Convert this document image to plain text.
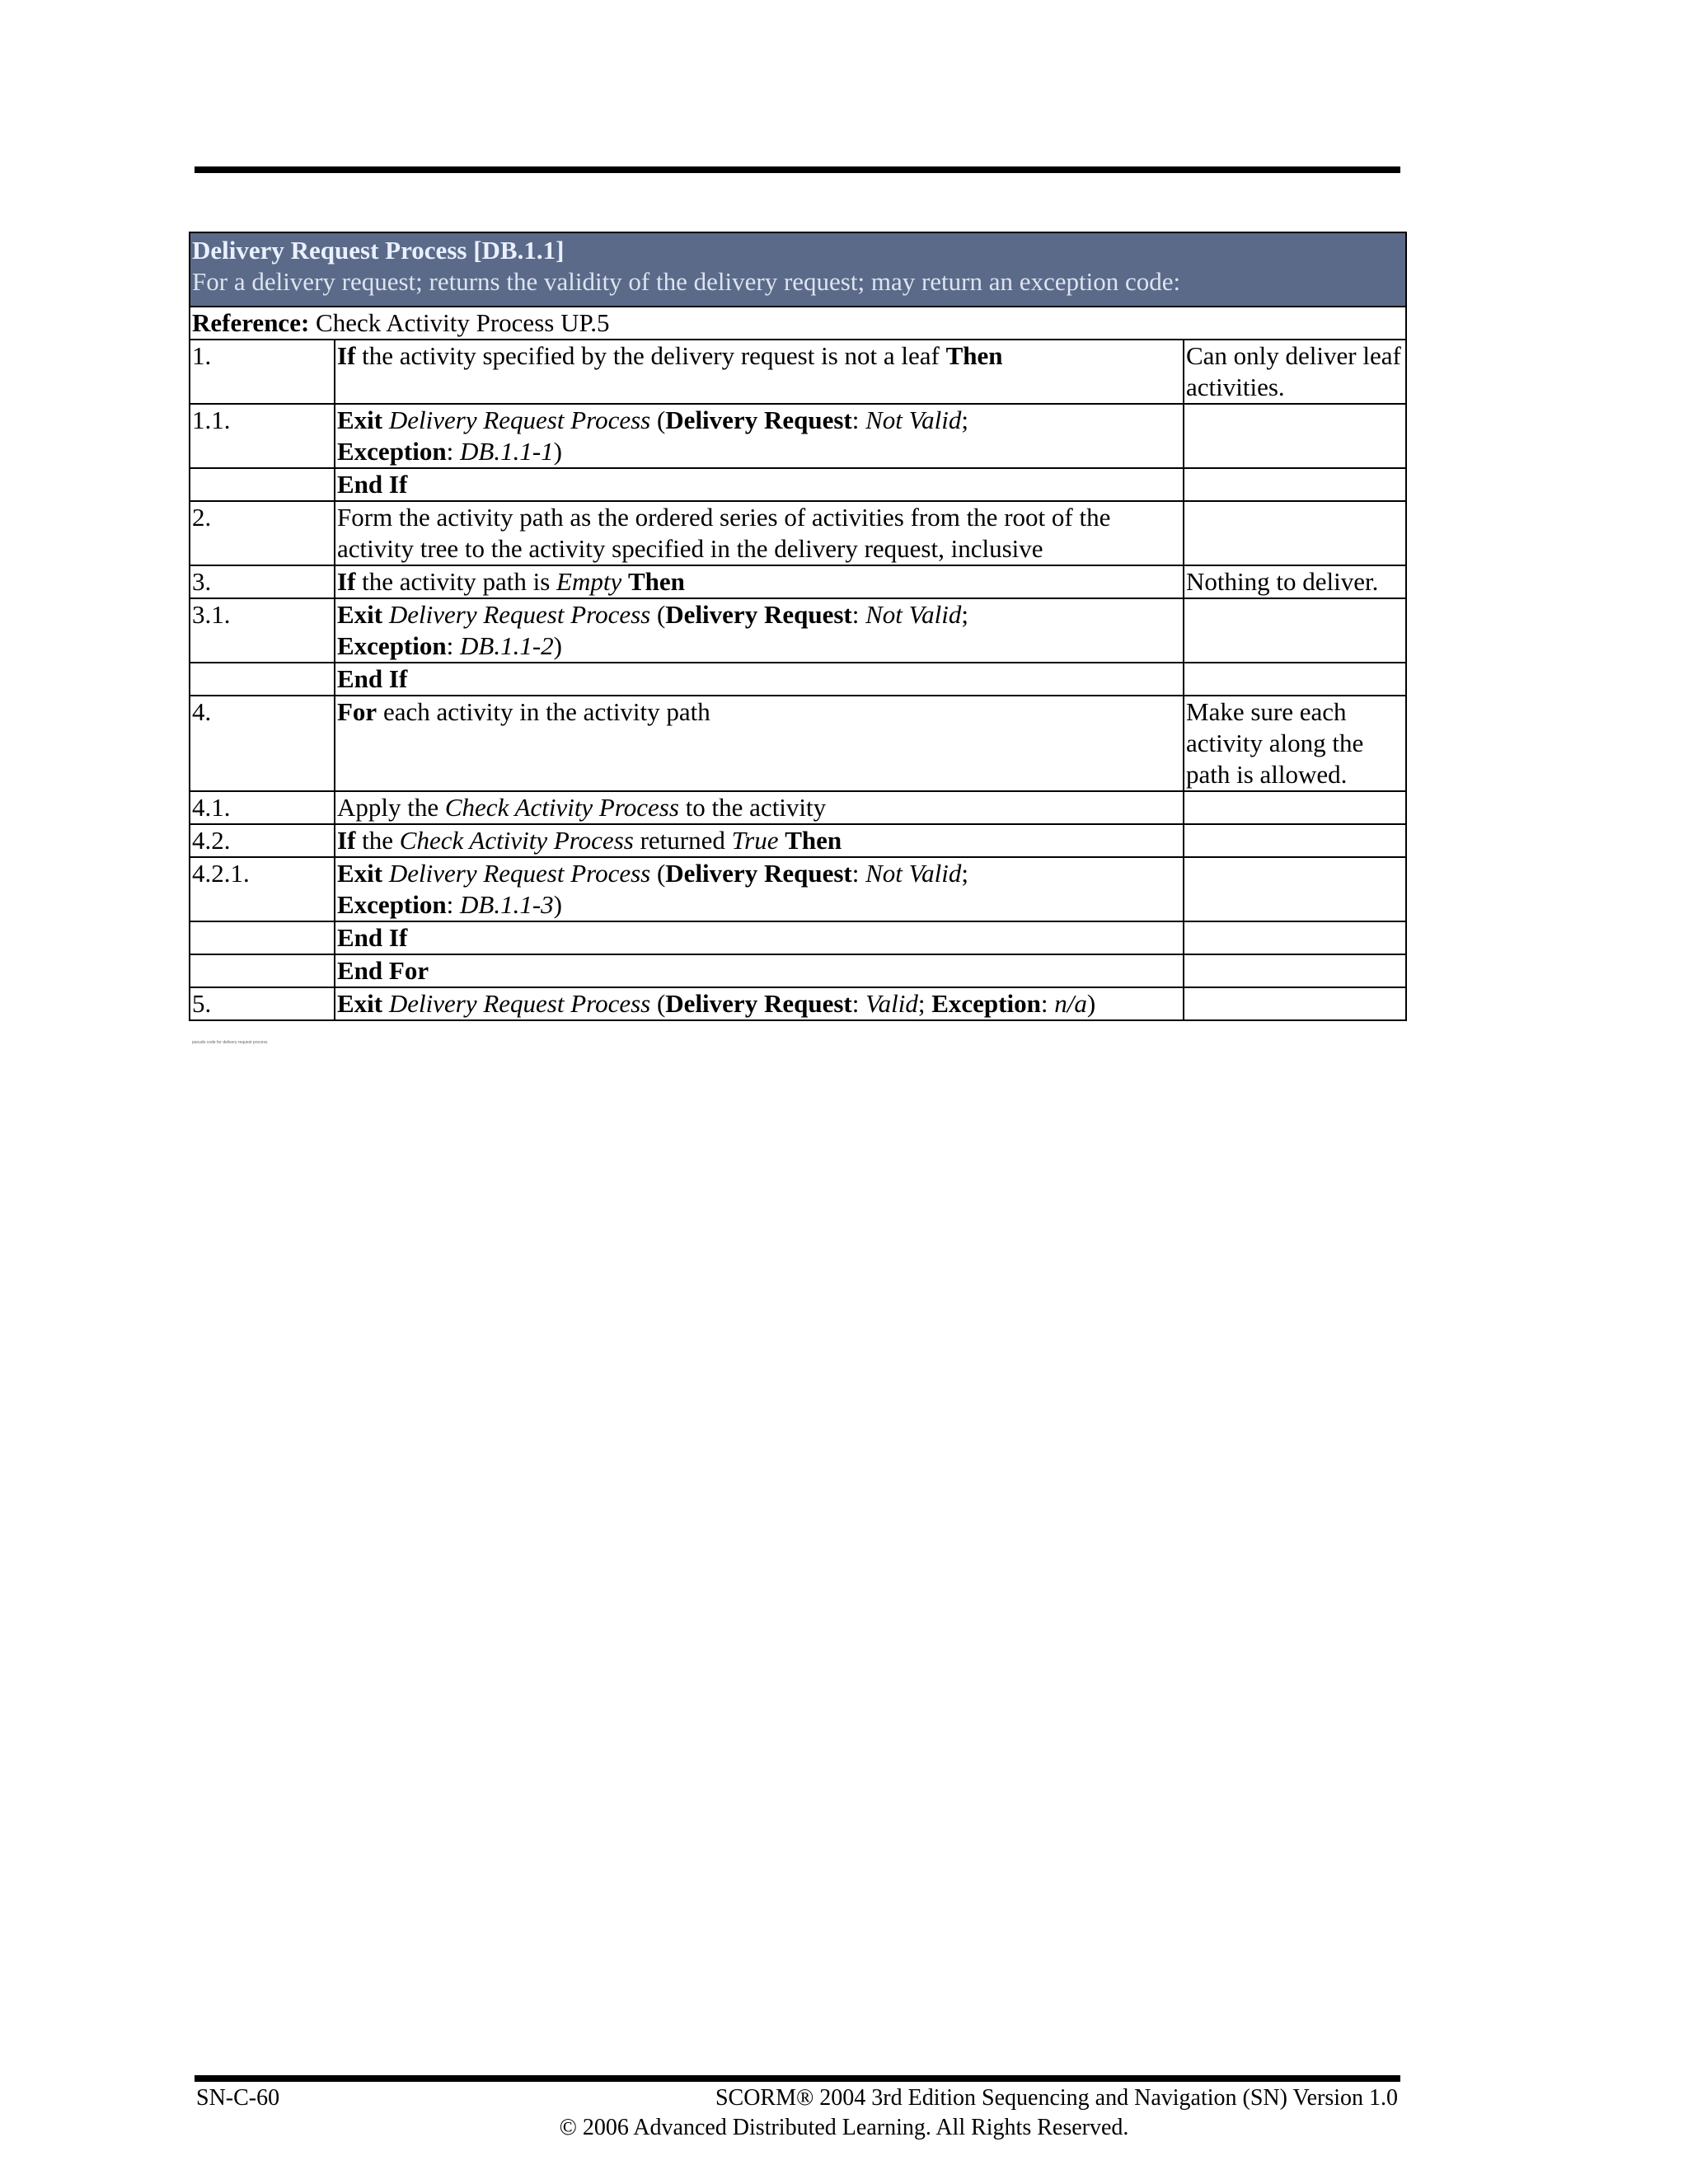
Delivery Request Process [DB.1.1]
For a delivery request; returns the validity of the delivery request; may return an exception code:		

Reference: Check Activity Process UP.5		
1.	If the activity specified by the delivery request is not a leaf Then	Can only deliver leaf activities.
1.1.	Exit Delivery Request Process (Delivery Request: Not Valid;
Exception: DB.1.1-1)	
	End If	
2.	Form the activity path as the ordered series of activities from the root of the activity tree to the activity specified in the delivery request, inclusive	
3.	If the activity path is Empty Then	Nothing to deliver.
3.1.	Exit Delivery Request Process (Delivery Request: Not Valid;
Exception: DB.1.1-2)	
	End If	
4.	For each activity in the activity path	Make sure each activity along the path is allowed.
4.1.	Apply the Check Activity Process to the activity	
4.2.	If the Check Activity Process returned True Then	
4.2.1.	Exit Delivery Request Process (Delivery Request: Not Valid;
Exception: DB.1.1-3)	
	End If	
	End For	
5.	Exit Delivery Request Process (Delivery Request: Valid; Exception: n/a)	
pseudo code for delivery request process
SN-C-60	SCORM® 2004 3rd Edition Sequencing and Navigation (SN) Version 1.0
© 2006 Advanced Distributed Learning. All Rights Reserved.
